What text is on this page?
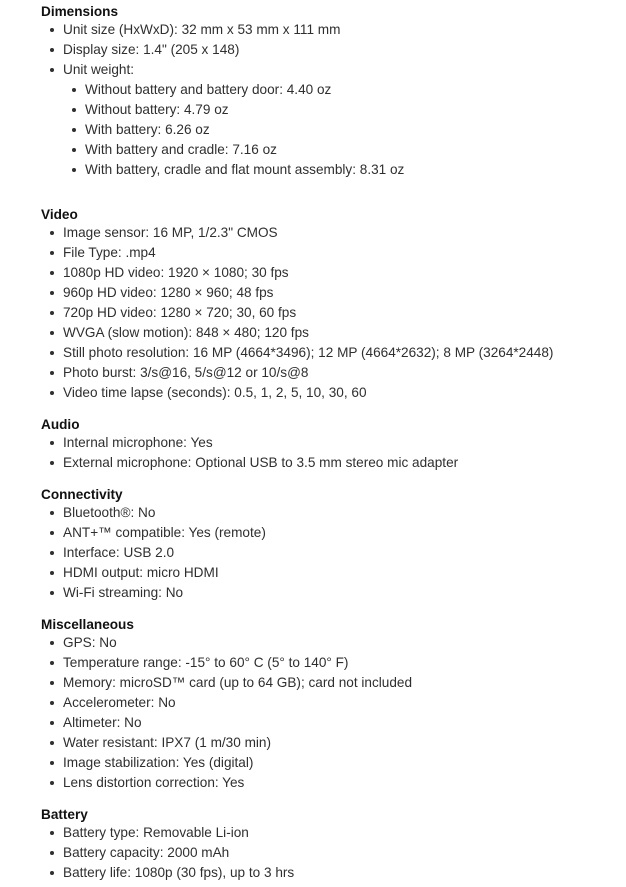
Dimensions
Unit size (HxWxD): 32 mm x 53 mm x 111 mm
Display size: 1.4" (205 x 148)
Unit weight:
Without battery and battery door: 4.40 oz
Without battery: 4.79 oz
With battery: 6.26 oz
With battery and cradle: 7.16 oz
With battery, cradle and flat mount assembly: 8.31 oz
Video
Image sensor: 16 MP, 1/2.3" CMOS
File Type: .mp4
1080p HD video: 1920 × 1080; 30 fps
960p HD video: 1280 × 960; 48 fps
720p HD video: 1280 × 720; 30, 60 fps
WVGA (slow motion): 848 × 480; 120 fps
Still photo resolution: 16 MP (4664*3496); 12 MP (4664*2632); 8 MP (3264*2448)
Photo burst: 3/s@16, 5/s@12 or 10/s@8
Video time lapse (seconds): 0.5, 1, 2, 5, 10, 30, 60
Audio
Internal microphone: Yes
External microphone: Optional USB to 3.5 mm stereo mic adapter
Connectivity
Bluetooth®: No
ANT+™ compatible: Yes (remote)
Interface: USB 2.0
HDMI output: micro HDMI
Wi-Fi streaming: No
Miscellaneous
GPS: No
Temperature range: -15° to 60° C (5° to 140° F)
Memory: microSD™ card (up to 64 GB); card not included
Accelerometer: No
Altimeter: No
Water resistant: IPX7 (1 m/30 min)
Image stabilization: Yes (digital)
Lens distortion correction: Yes
Battery
Battery type: Removable Li-ion
Battery capacity: 2000 mAh
Battery life: 1080p (30 fps), up to 3 hrs
